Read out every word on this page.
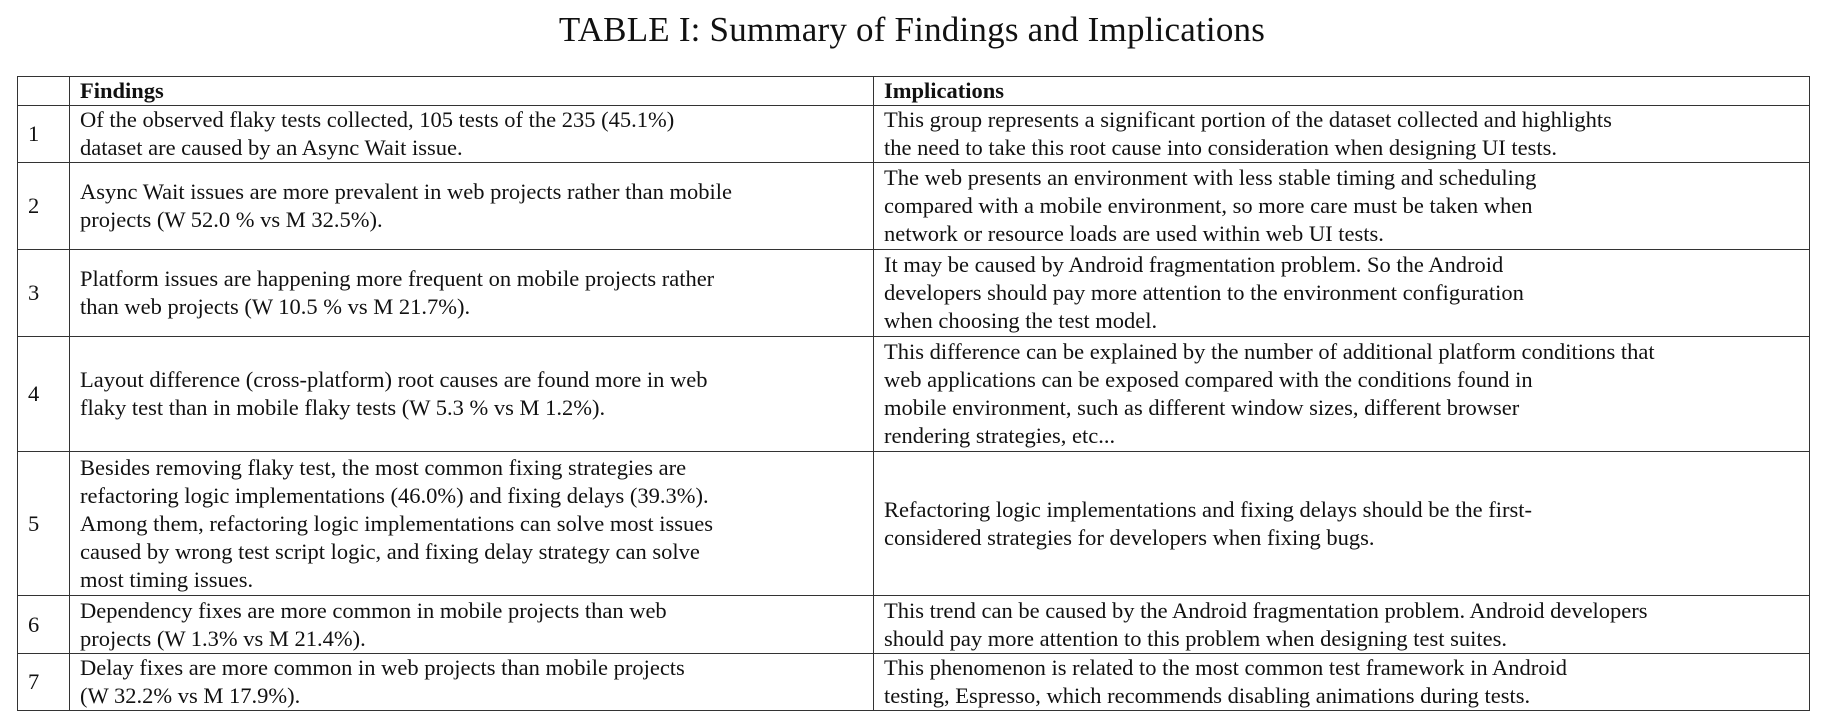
TABLE I: Summary of Findings and Implications
	Findings	Implications
1	Of the observed flaky tests collected, 105 tests of the 235 (45.1%)
dataset are caused by an Async Wait issue.	This group represents a significant portion of the dataset collected and highlights
the need to take this root cause into consideration when designing UI tests.

2	Async Wait issues are more prevalent in web projects rather than mobile
projects (W 52.0 % vs M 32.5%).	The web presents an environment with less stable timing and scheduling
compared with a mobile environment, so more care must be taken when
network or resource loads are used within web UI tests.

3	Platform issues are happening more frequent on mobile projects rather
than web projects (W 10.5 % vs M 21.7%).	It may be caused by Android fragmentation problem. So the Android
developers should pay more attention to the environment configuration
when choosing the test model.

4	Layout difference (cross-platform) root causes are found more in web
flaky test than in mobile flaky tests (W 5.3 % vs M 1.2%).	This difference can be explained by the number of additional platform conditions that
web applications can be exposed compared with the conditions found in
mobile environment, such as different window sizes, different browser
rendering strategies, etc...

5	Besides removing flaky test, the most common fixing strategies are
refactoring logic implementations (46.0%) and fixing delays (39.3%).
Among them, refactoring logic implementations can solve most issues
caused by wrong test script logic, and fixing delay strategy can solve
most timing issues.	Refactoring logic implementations and fixing delays should be the first-
considered strategies for developers when fixing bugs.

6	Dependency fixes are more common in mobile projects than web
projects (W 1.3% vs M 21.4%).	This trend can be caused by the Android fragmentation problem. Android developers
should pay more attention to this problem when designing test suites.

7	Delay fixes are more common in web projects than mobile projects
(W 32.2% vs M 17.9%).	This phenomenon is related to the most common test framework in Android
testing, Espresso, which recommends disabling animations during tests.
